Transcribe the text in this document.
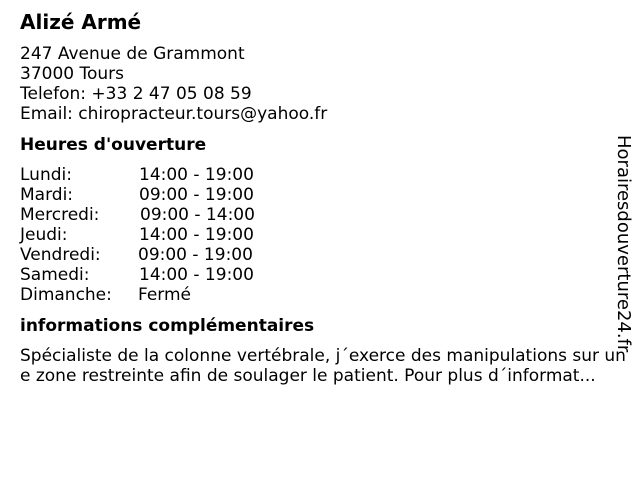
Alizé Armé
247 Avenue de Grammont
37000 Tours
Telefon: +33 2 47 05 08 59
Email: chiropracteur.tours@yahoo.fr
Heures d'ouverture
Lundi:	14:00 - 19:00
Mardi:	09:00 - 19:00
Mercredi: 09:00 - 14:00
Jeudi:	14:00 - 19:00
Vendredi: 09:00 - 19:00
Samedi:	14:00 - 19:00
Dimanche: Fermé
informations complémentaires
Spécialiste de la colonne vertébrale, j´exerce des manipulations sur une zone restreinte afin de soulager le patient. Pour plus d´informat...
Horairesdouverture24.fr
